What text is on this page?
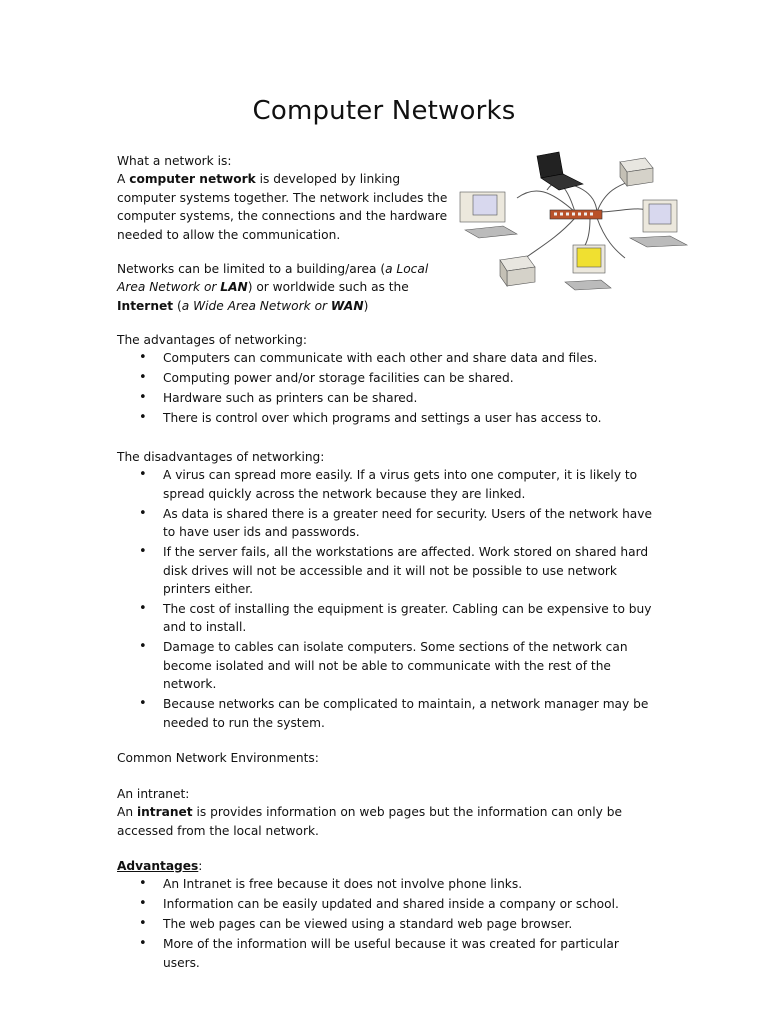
Computer Networks
What a network is:
A computer network is developed by linking computer systems together. The network includes the computer systems, the connections and the hardware needed to allow the communication.
Networks can be limited to a building/area (a Local Area Network or LAN) or worldwide such as the Internet (a Wide Area Network or WAN)
The advantages of networking:
• Computers can communicate with each other and share data and files.
• Computing power and/or storage facilities can be shared.
• Hardware such as printers can be shared.
• There is control over which programs and settings a user has access to.
The disadvantages of networking:
• A virus can spread more easily. If a virus gets into one computer, it is likely to spread quickly across the network because they are linked.
• As data is shared there is a greater need for security. Users of the network have to have user ids and passwords.
• If the server fails, all the workstations are affected. Work stored on shared hard disk drives will not be accessible and it will not be possible to use network printers either.
• The cost of installing the equipment is greater. Cabling can be expensive to buy and to install.
• Damage to cables can isolate computers. Some sections of the network can become isolated and will not be able to communicate with the rest of the network.
• Because networks can be complicated to maintain, a network manager may be needed to run the system.
Common Network Environments:
An intranet:
An intranet is provides information on web pages but the information can only be accessed from the local network.
Advantages:
• An Intranet is free because it does not involve phone links.
• Information can be easily updated and shared inside a company or school.
• The web pages can be viewed using a standard web page browser.
• More of the information will be useful because it was created for particular users.
